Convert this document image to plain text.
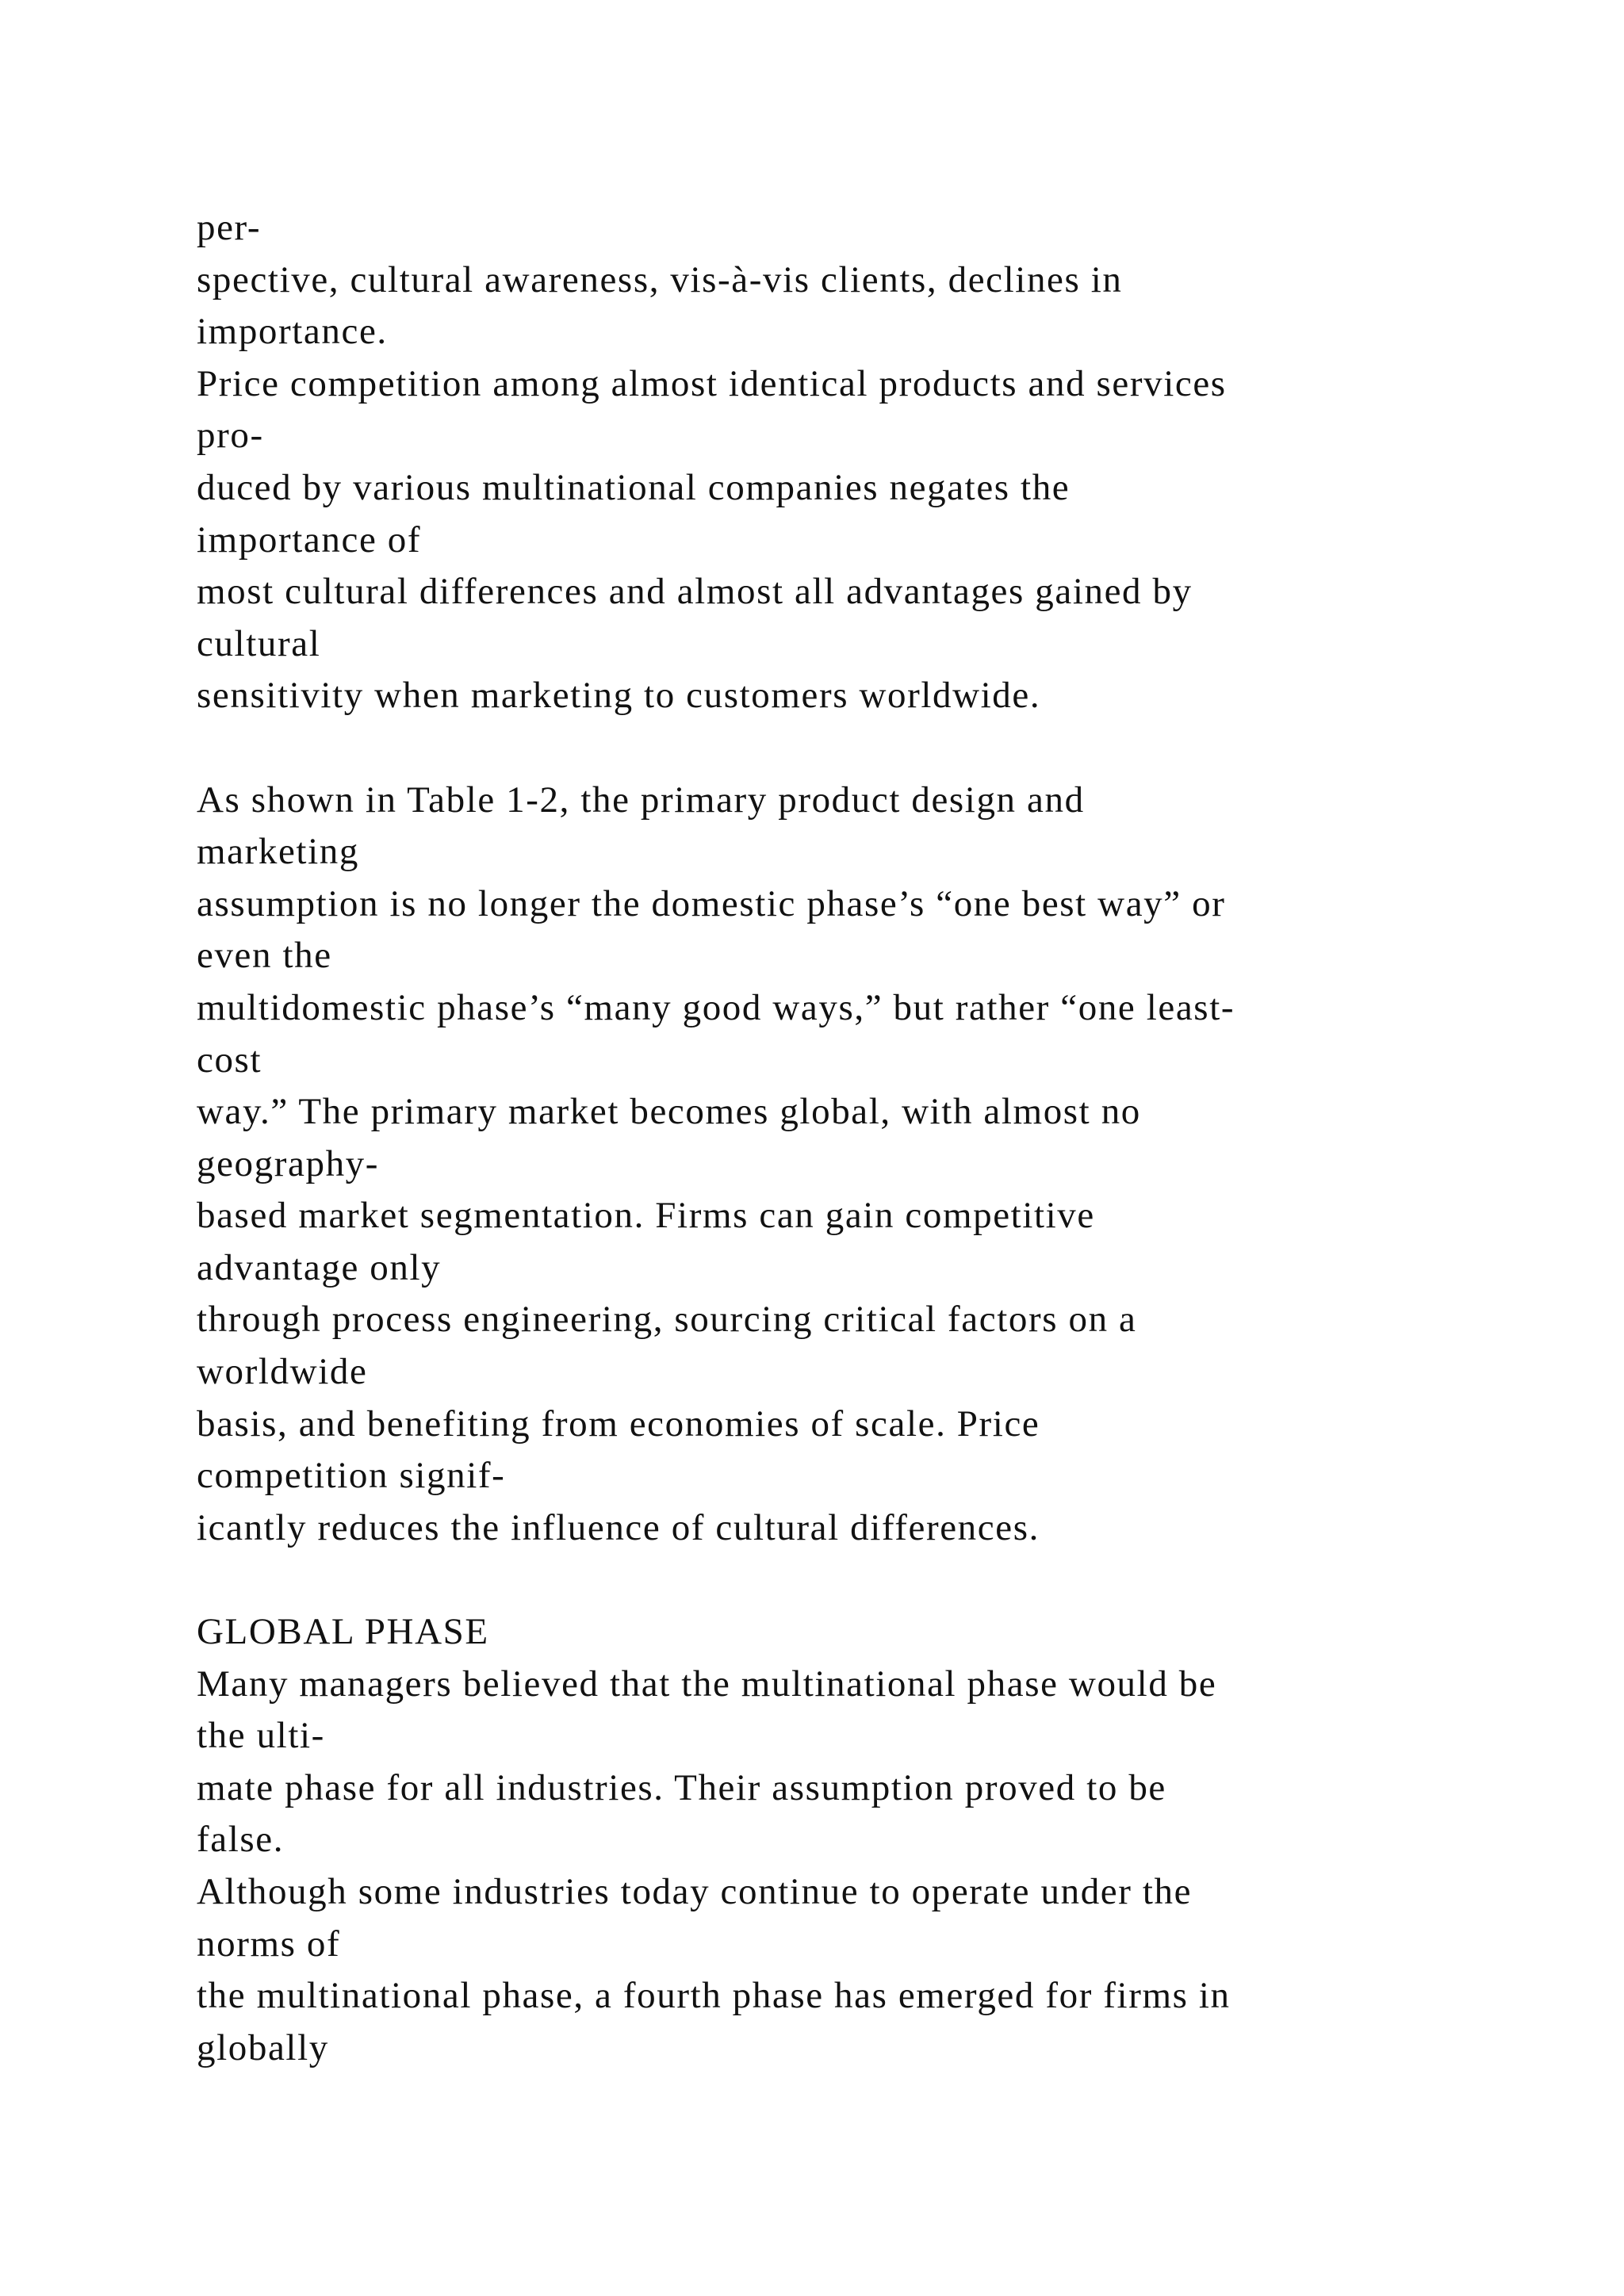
per-
spective, cultural awareness, vis-à-vis clients, declines in
importance.
Price competition among almost identical products and services
pro-
duced by various multinational companies negates the
importance of
most cultural differences and almost all advantages gained by
cultural
sensitivity when marketing to customers worldwide.
As shown in Table 1-2, the primary product design and
marketing
assumption is no longer the domestic phase’s “one best way” or
even the
multidomestic phase’s “many good ways,” but rather “one least-
cost
way.” The primary market becomes global, with almost no
geography-
based market segmentation. Firms can gain competitive
advantage only
through process engineering, sourcing critical factors on a
worldwide
basis, and benefiting from economies of scale. Price
competition signif-
icantly reduces the influence of cultural differences.
GLOBAL PHASE
Many managers believed that the multinational phase would be
the ulti-
mate phase for all industries. Their assumption proved to be
false.
Although some industries today continue to operate under the
norms of
the multinational phase, a fourth phase has emerged for firms in
globally
